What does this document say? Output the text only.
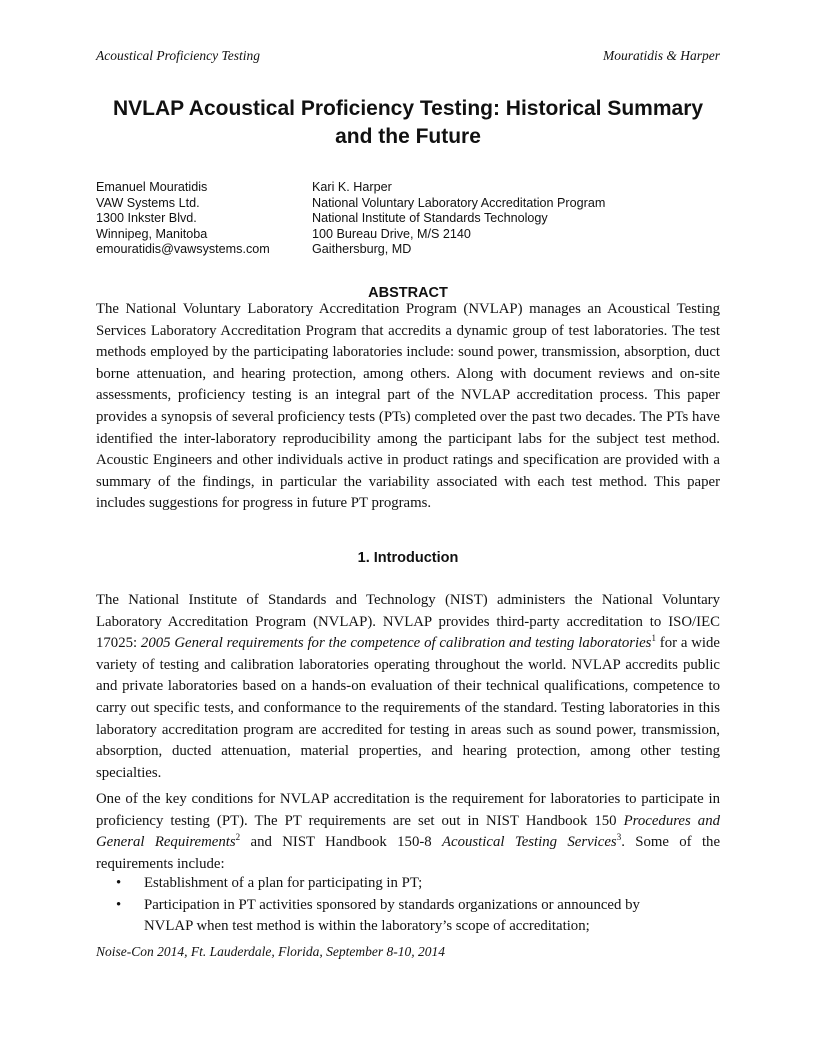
Acoustical Proficiency Testing	Mouratidis & Harper
NVLAP Acoustical Proficiency Testing: Historical Summary and the Future
Emanuel Mouratidis
VAW Systems Ltd.
1300 Inkster Blvd.
Winnipeg, Manitoba
emouratidis@vawsystems.com
Kari K. Harper
National Voluntary Laboratory Accreditation Program
National Institute of Standards Technology
100 Bureau Drive, M/S 2140
Gaithersburg, MD
ABSTRACT
The National Voluntary Laboratory Accreditation Program (NVLAP) manages an Acoustical Testing Services Laboratory Accreditation Program that accredits a dynamic group of test laboratories. The test methods employed by the participating laboratories include: sound power, transmission, absorption, duct borne attenuation, and hearing protection, among others. Along with document reviews and on-site assessments, proficiency testing is an integral part of the NVLAP accreditation process. This paper provides a synopsis of several proficiency tests (PTs) completed over the past two decades. The PTs have identified the inter-laboratory reproducibility among the participant labs for the subject test method. Acoustic Engineers and other individuals active in product ratings and specification are provided with a summary of the findings, in particular the variability associated with each test method. This paper includes suggestions for progress in future PT programs.
1. Introduction
The National Institute of Standards and Technology (NIST) administers the National Voluntary Laboratory Accreditation Program (NVLAP). NVLAP provides third-party accreditation to ISO/IEC 17025: 2005 General requirements for the competence of calibration and testing laboratories$^1$ for a wide variety of testing and calibration laboratories operating throughout the world. NVLAP accredits public and private laboratories based on a hands-on evaluation of their technical qualifications, competence to carry out specific tests, and conformance to the requirements of the standard. Testing laboratories in this laboratory accreditation program are accredited for testing in areas such as sound power, transmission, absorption, ducted attenuation, material properties, and hearing protection, among other testing specialties.
One of the key conditions for NVLAP accreditation is the requirement for laboratories to participate in proficiency testing (PT). The PT requirements are set out in NIST Handbook 150 Procedures and General Requirements$^2$ and NIST Handbook 150-8 Acoustical Testing Services$^3$. Some of the requirements include:
• Establishment of a plan for participating in PT;
• Participation in PT activities sponsored by standards organizations or announced by NVLAP when test method is within the laboratory’s scope of accreditation;
Noise-Con 2014, Ft. Lauderdale, Florida, September 8-10, 2014
